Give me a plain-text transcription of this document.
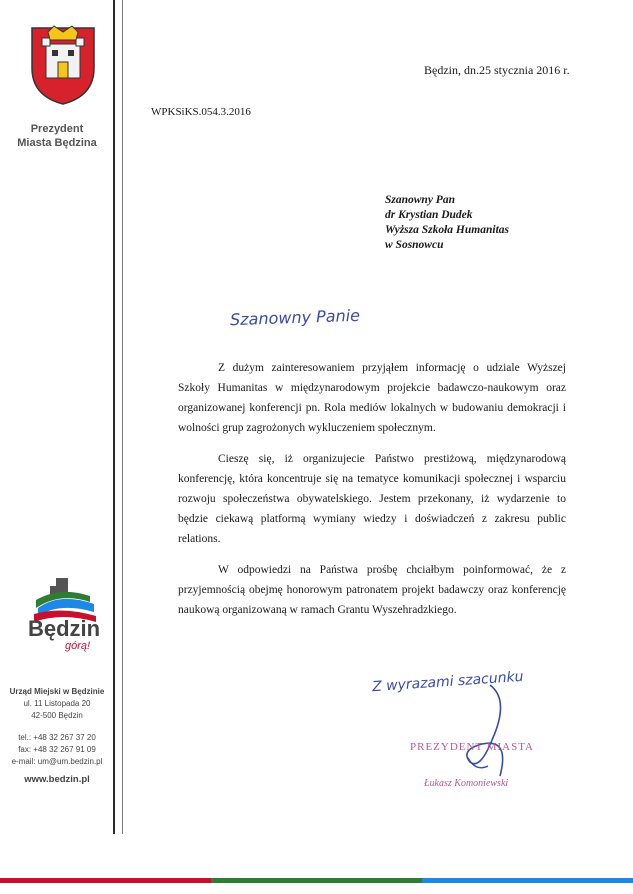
Prezydent
Miasta Będzina
Będzin
górą!
Urząd Miejski w Będzinie
ul. 11 Listopada 20
42-500 Będzin
tel.: +48 32 267 37 20
fax: +48 32 267 91 09
e-mail: um@um.bedzin.pl
www.bedzin.pl
Będzin, dn.25 stycznia 2016 r.
WPKSiKS.054.3.2016
Szanowny Pan
dr Krystian Dudek
Wyższa Szkoła Humanitas
w Sosnowcu
Szanowny Panie

Z dużym zainteresowaniem przyjąłem informację o udziale Wyższej Szkoły Humanitas w międzynarodowym projekcie badawczo-naukowym oraz organizowanej konferencji pn. Rola mediów lokalnych w budowaniu demokracji i wolności grup zagrożonych wykluczeniem społecznym.

Cieszę się, iż organizujecie Państwo prestiżową, międzynarodową konferencję, która koncentruje się na tematyce komunikacji społecznej i wsparciu rozwoju społeczeństwa obywatelskiego. Jestem przekonany, iż wydarzenie to będzie ciekawą platformą wymiany wiedzy i doświadczeń z zakresu public relations.

W odpowiedzi na Państwa prośbę chciałbym poinformować, że z przyjemnością obejmę honorowym patronatem projekt badawczy oraz konferencję naukową organizowaną w ramach Grantu Wyszehradzkiego.

Z wyrazami szacunku
PREZYDENT MIASTA
Łukasz Komoniewski
